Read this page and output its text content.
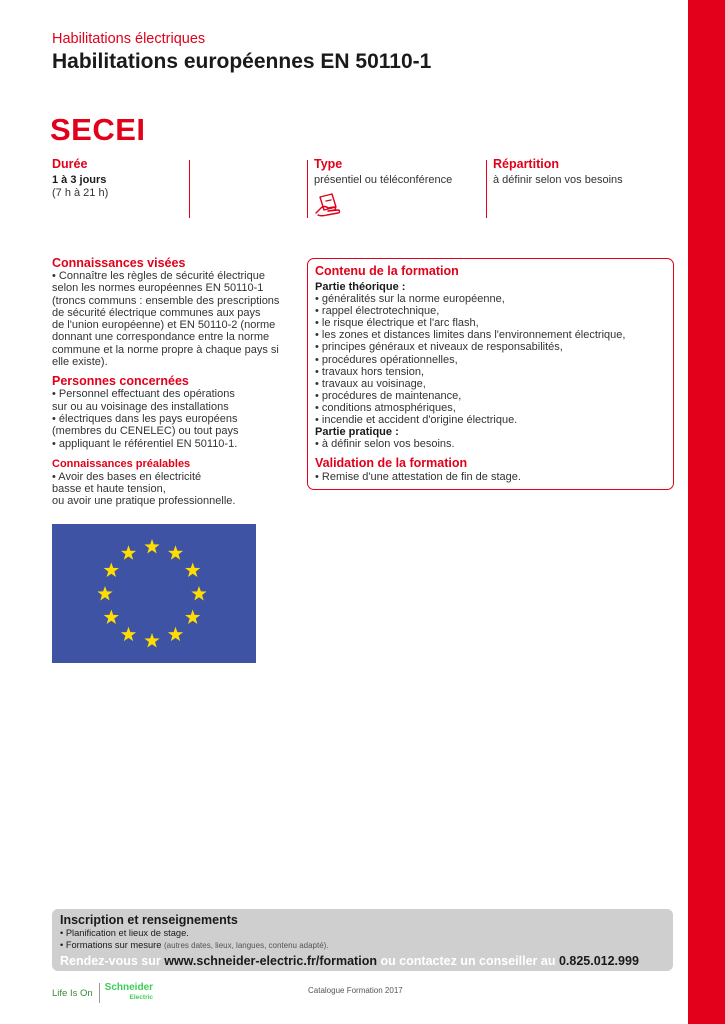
Habilitations électriques
Habilitations européennes EN 50110-1
SECEI
Durée
1 à 3 jours
(7 h à 21 h)
Type
présentiel ou téléconférence
Répartition
à définir selon vos besoins
Connaissances visées
• Connaître les règles de sécurité électrique
selon les normes européennes EN 50110-1
(troncs communs : ensemble des prescriptions
de sécurité électrique communes aux pays
de l'union européenne) et EN 50110-2 (norme
donnant une correspondance entre la norme
commune et la norme propre à chaque pays si
elle existe).
Personnes concernées
• Personnel effectuant des opérations
sur ou au voisinage des installations
• électriques dans les pays européens
(membres du CENELEC) ou tout pays
• appliquant le référentiel EN 50110-1.
Connaissances préalables
• Avoir des bases en électricité
basse et haute tension,
ou avoir une pratique professionnelle.
Contenu de la formation
Partie théorique :
• généralités sur la norme européenne,
• rappel électrotechnique,
• le risque électrique et l'arc flash,
• les zones et distances limites dans l'environnement électrique,
• principes généraux et niveaux de responsabilités,
• procédures opérationnelles,
• travaux hors tension,
• travaux au voisinage,
• procédures de maintenance,
• conditions atmosphériques,
• incendie et accident d'origine électrique.
Partie pratique :
• à définir selon vos besoins.
Validation de la formation
• Remise d'une attestation de fin de stage.
Inscription et renseignements
• Planification et lieux de stage.
• Formations sur mesure (autres dates, lieux, langues, contenu adapté).
Rendez-vous sur www.schneider-electric.fr/formation ou contactez un conseiller au 0.825.012.999
Life Is On	Schneider
Electric
Catalogue Formation 2017
